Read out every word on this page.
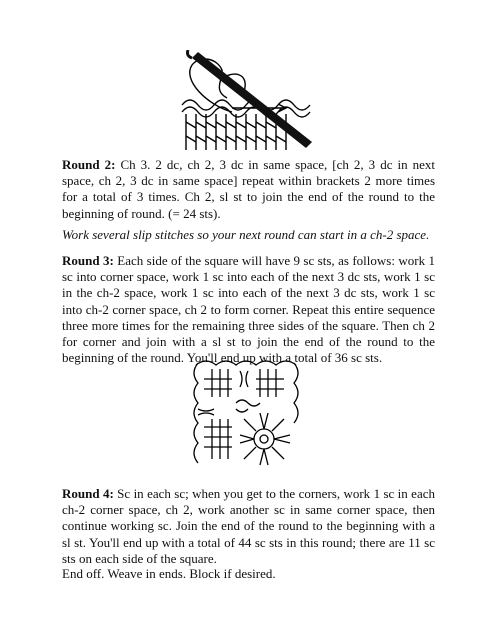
Round 2: Ch 3. 2 dc, ch 2, 3 dc in same space, [ch 2, 3 dc in next space, ch 2, 3 dc in same space] repeat within brackets 2 more times for a total of 3 times. Ch 2, sl st to join the end of the round to the beginning of round. (= 24 sts).

Work several slip stitches so your next round can start in a ch-2 space.

Round 3: Each side of the square will have 9 sc sts, as follows: work 1 sc into corner space, work 1 sc into each of the next 3 dc sts, work 1 sc in the ch-2 space, work 1 sc into each of the next 3 dc sts, work 1 sc into ch-2 corner space, ch 2 to form corner. Repeat this entire sequence three more times for the remaining three sides of the square. Then ch 2 for corner and join with a sl st to join the end of the round to the beginning of the round. You'll end up with a total of 36 sc sts.

Round 4: Sc in each sc; when you get to the corners, work 1 sc in each ch-2 corner space, ch 2, work another sc in same corner space, then continue working sc. Join the end of the round to the beginning with a sl st. You'll end up with a total of 44 sc sts in this round; there are 11 sc sts on each side of the square.

End off. Weave in ends. Block if desired.
